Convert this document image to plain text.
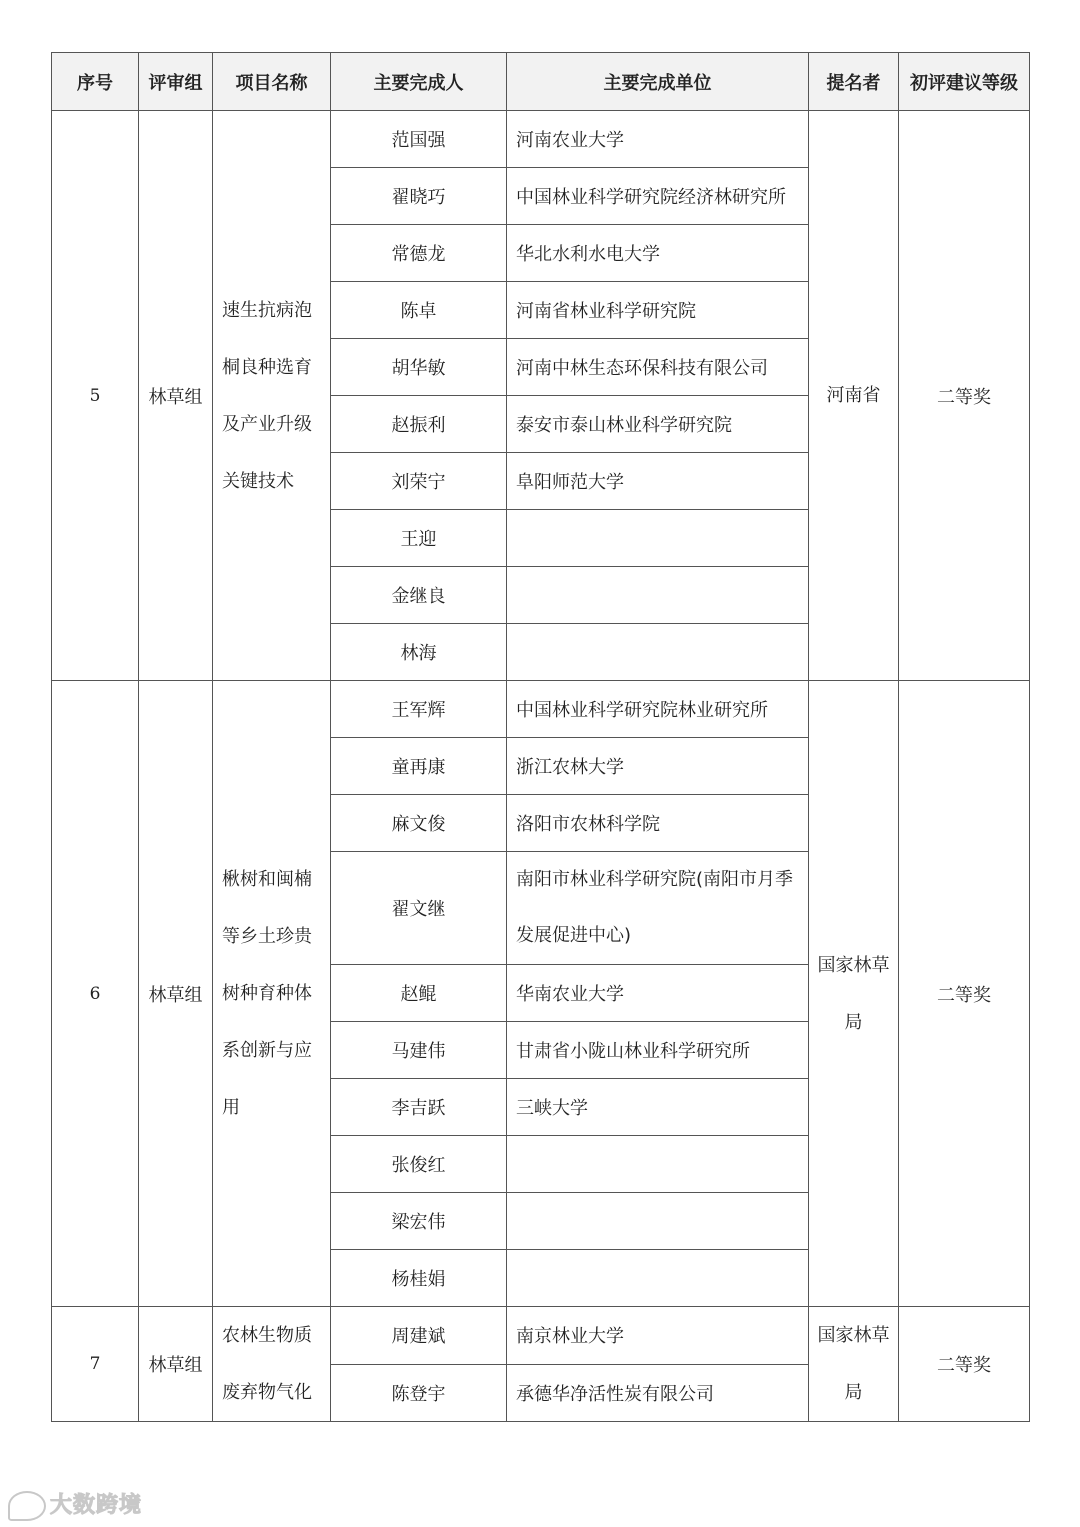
序号	评审组	项目名称	主要完成人	主要完成单位	提名者	初评建议等级
5	林草组	速生抗病泡桐良种选育及产业升级关键技术	范国强	河南农业大学	河南省	二等奖
			翟晓巧	中国林业科学研究院经济林研究所		
			常德龙	华北水利水电大学		
			陈卓	河南省林业科学研究院		
			胡华敏	河南中林生态环保科技有限公司		
			赵振利	泰安市泰山林业科学研究院		
			刘荣宁	阜阳师范大学		
			王迎			
			金继良			
			林海			
6	林草组	楸树和闽楠等乡土珍贵树种育种体系创新与应用	王军辉	中国林业科学研究院林业研究所	国家林草局	二等奖
			童再康	浙江农林大学		
			麻文俊	洛阳市农林科学院		
			翟文继	南阳市林业科学研究院(南阳市月季发展促进中心)		
			赵鲲	华南农业大学		
			马建伟	甘肃省小陇山林业科学研究所		
			李吉跃	三峡大学		
			张俊红			
			梁宏伟			
			杨桂娟			
7	林草组	农林生物质废弃物气化	周建斌	南京林业大学	国家林草局	二等奖
			陈登宇	承德华净活性炭有限公司		
大数跨境
